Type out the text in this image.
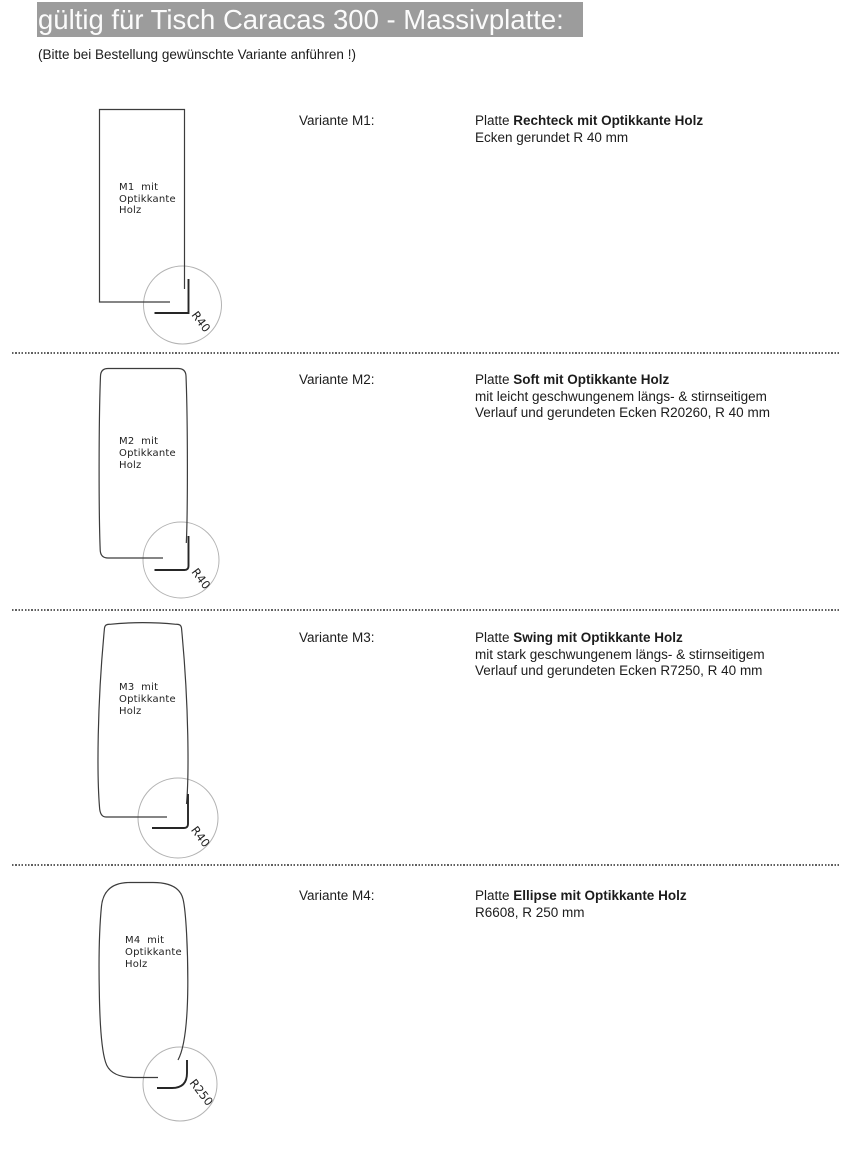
gültig für Tisch Caracas 300 - Massivplatte:
(Bitte bei Bestellung gewünschte Variante anführen !)
M1  mit
Optikkante
Holz
R40
Variante M1:	Platte Rechteck mit Optikkante Holz
Ecken gerundet R 40 mm
M2  mit
Optikkante
Holz
R40
Variante M2:	Platte Soft mit Optikkante Holz
mit leicht geschwungenem längs- & stirnseitigem
Verlauf und gerundeten Ecken R20260, R 40 mm
M3  mit
Optikkante
Holz
R40
Variante M3:	Platte Swing mit Optikkante Holz
mit stark geschwungenem längs- & stirnseitigem
Verlauf und gerundeten Ecken R7250, R 40 mm
M4  mit
Optikkante
Holz
R250
Variante M4:	Platte Ellipse mit Optikkante Holz
R6608, R 250 mm
